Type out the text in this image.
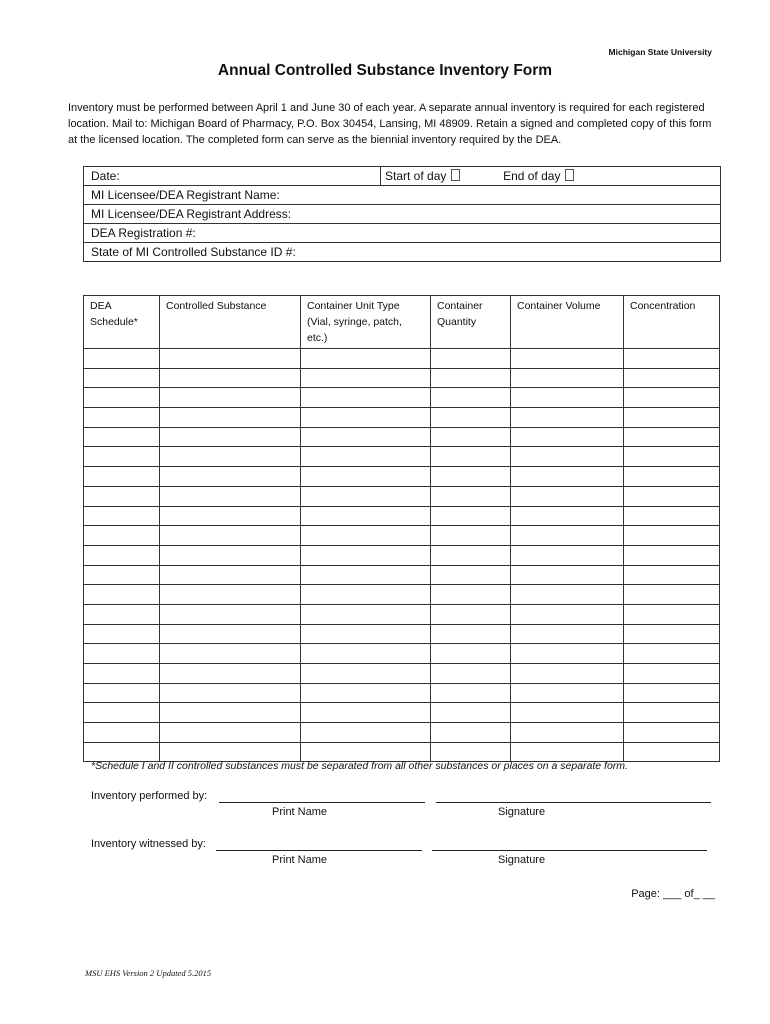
Michigan State University
Annual Controlled Substance Inventory Form
Inventory must be performed between April 1 and June 30 of each year. A separate annual inventory is required for each registered location. Mail to: Michigan Board of Pharmacy, P.O. Box 30454, Lansing, MI 48909. Retain a signed and completed copy of this form at the licensed location. The completed form can serve as the biennial inventory required by the DEA.
Date:	Start of day	End of day
MI Licensee/DEA Registrant Name:
MI Licensee/DEA Registrant Address:
DEA Registration #:
State of MI Controlled Substance ID #:
DEA Schedule*	Controlled Substance	Container Unit Type (Vial, syringe, patch, etc.)	Container Quantity	Container Volume	Concentration

*Schedule I and II controlled substances must be separated from all other substances or places on a separate form.
Inventory performed by:
Print Name	Signature
Inventory witnessed by:
Print Name	Signature
Page: ___ of_ __
MSU EHS Version 2 Updated 5.2015
